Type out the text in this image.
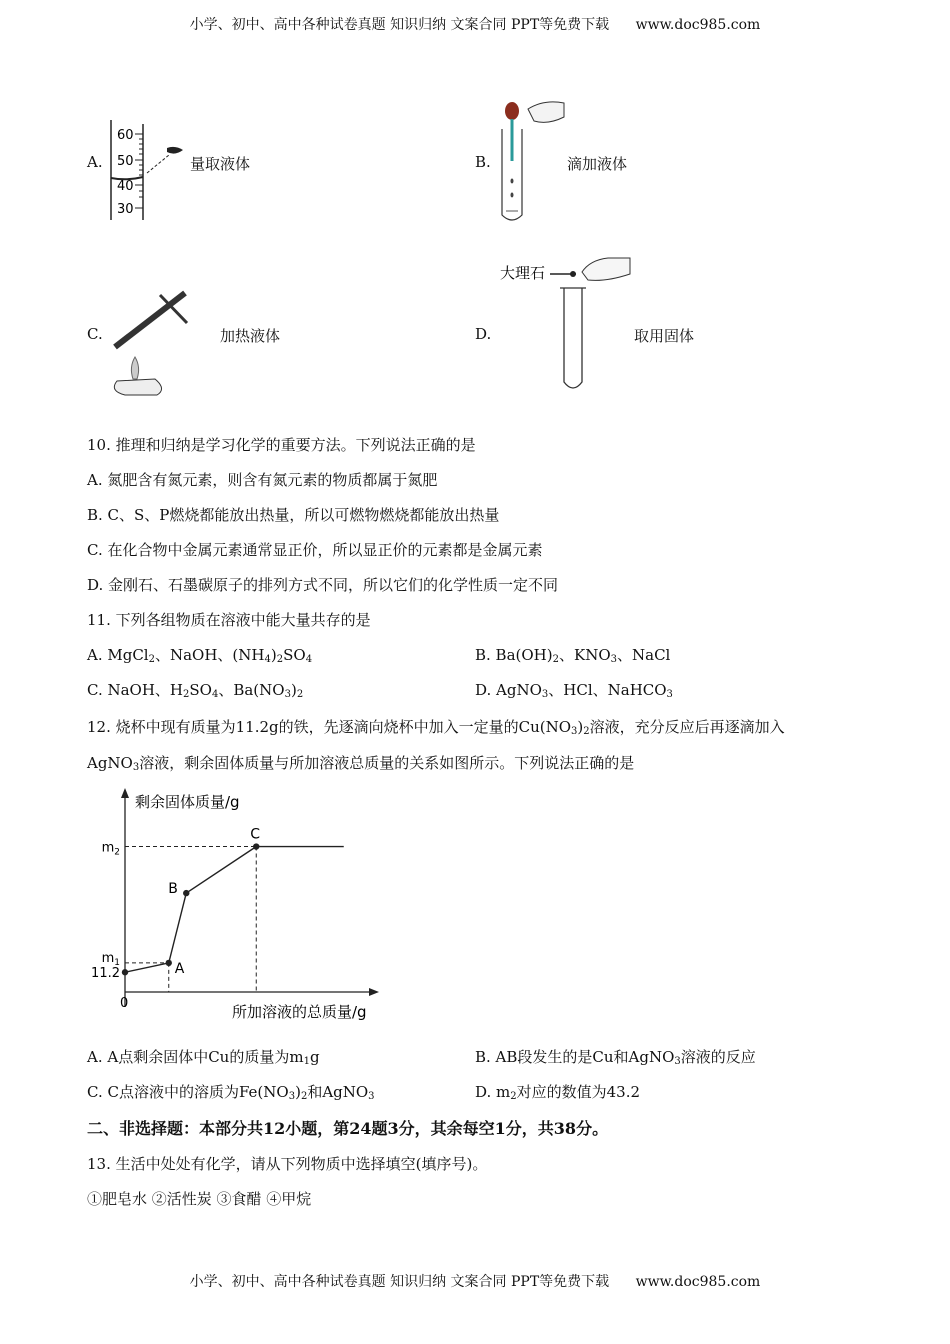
小学、初中、高中各种试卷真题 知识归纳 文案合同 PPT等免费下载 www.doc985.com
A.
60
50
40
30
量取液体	B.	滴加液体
C.	加热液体	D.
大理石
取用固体
10. 推理和归纳是学习化学的重要方法。下列说法正确的是
A. 氮肥含有氮元素，则含有氮元素的物质都属于氮肥
B. C、S、P燃烧都能放出热量，所以可燃物燃烧都能放出热量
C. 在化合物中金属元素通常显正价，所以显正价的元素都是金属元素
D. 金刚石、石墨碳原子的排列方式不同，所以它们的化学性质一定不同
11. 下列各组物质在溶液中能大量共存的是
A. MgCl$_2$、NaOH、$(NH_4)_2SO_4$	B. $Ba(OH)_2$、$KNO_3$、NaCl
C. NaOH、$H_2SO_4$、$Ba(NO_3)_2$	D. AgNO$_3$、HCl、NaHCO$_3$
12. 烧杯中现有质量为11.2g的铁，先逐滴向烧杯中加入一定量的$Cu(NO_3)_2$溶液，充分反应后再逐滴加入
AgNO$_3$溶液，剩余固体质量与所加溶液总质量的关系如图所示。下列说法正确的是
剩余固体质量/g
所加溶液的总质量/g
0
$m_2$
$m_1$
11.2	A
B
C
A. A点剩余固体中Cu的质量为$m_1g$	B. AB段发生的是Cu和AgNO$_3$溶液的反应
C. C点溶液中的溶质为$Fe(NO_3)_2$和AgNO$_3$	D. $m_2$对应的数值为43.2
二、非选择题：本部分共12小题，第24题3分，其余每空1分，共38分。
13. 生活中处处有化学，请从下列物质中选择填空(填序号)。
①肥皂水 ②活性炭 ③食醋 ④甲烷
小学、初中、高中各种试卷真题 知识归纳 文案合同 PPT等免费下载 www.doc985.com
